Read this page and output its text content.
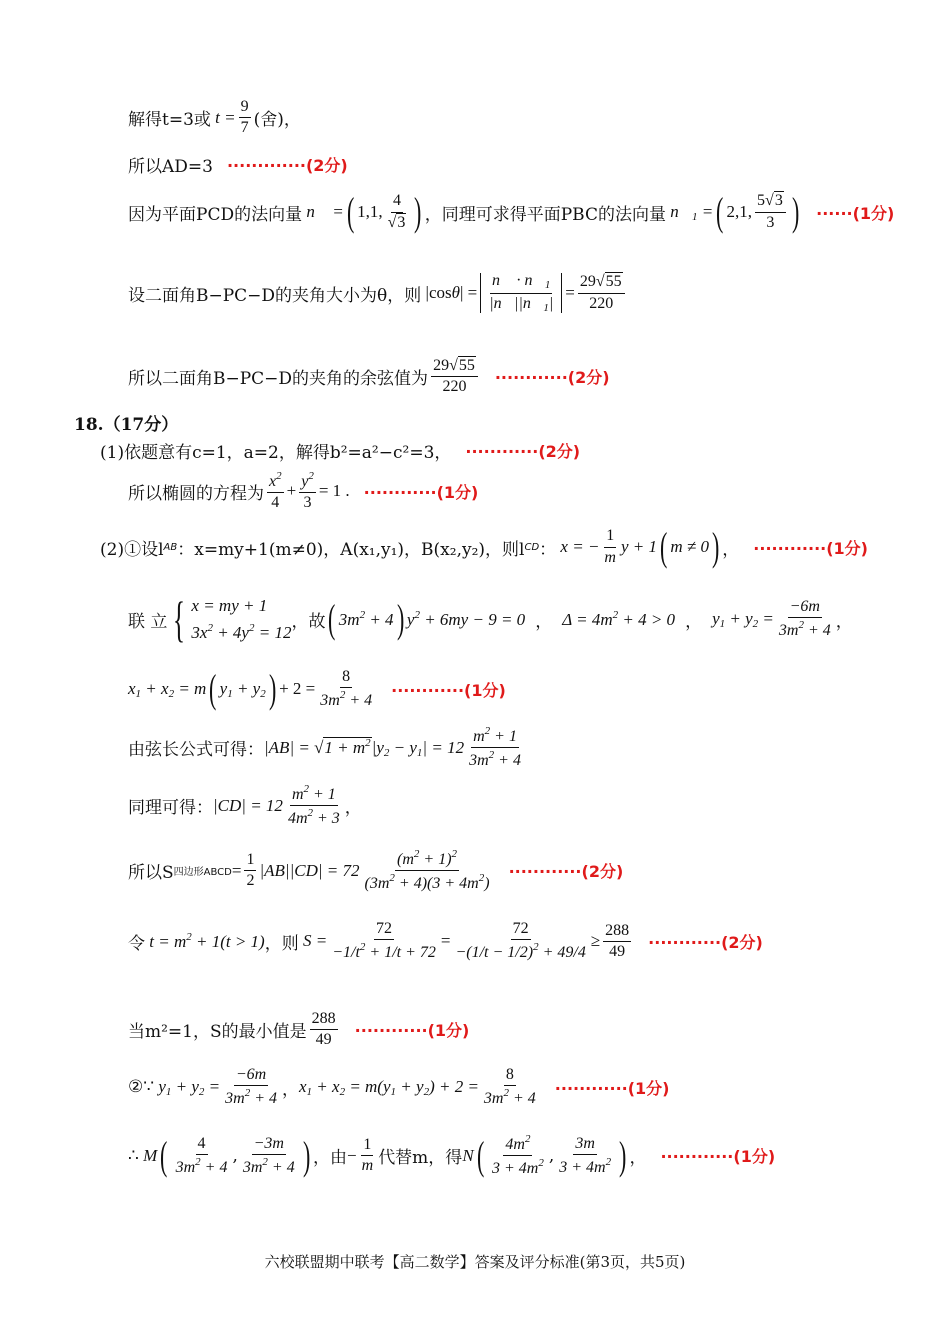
解得t=3或 $t = \frac{9}{7}$ (舍)，
所以AD=3 ·············(2分)
因为平面PCD的法向量 n⃗ = ( 1,1, $\frac{4}{√3}$ ) ，同理可求得平面PBC的法向量 $n⃗_1$ = ( 2,1, $\frac{5√3}{3}$ ) ······(1分)
设二面角B−PC−D的夹角大小为θ，则 $|\cos\theta| = \frac{n⃗ \cdot n⃗_1}{|n⃗||n⃗_1|} = \frac{29√55}{220}$
所以二面角B−PC−D的夹角的余弦值为 $\frac{29√55}{220} \cdot\cdot\cdot\cdot\cdot\cdot\cdot\cdot\cdot\cdot\cdot\cdot(2$分)
18.（17分）
(1)依题意有c=1，a=2，解得b²=a²−c²=3， ············(2分)
所以椭圆的方程为 $\frac{x^2}{4} + \frac{y^2}{3} = 1$ . ············(1分)
(2)①设l AB ：x=my+1(m≠0)，A(x₁,y₁)，B(x₂,y₂)，则l CD ： x = − $\frac{1}{m}$ y + 1 ( m ≠ 0 ) ， ············(1分)
联 立 { x = my + 1
$3x^2 + 4y^2 = 12$
，故 ( $3m^2 + 4$ ) $y^2 + 6my - 9 = 0$ ， $\Delta = 4m^2 + 4 > 0$ ， $y_1 + y_2 = \frac{-6m}{3m^2 + 4}$ ，
$x_1 + x_2 = m$ ( $y_1 + y_2$ ) + $2 = \frac{8}{3m^2 + 4} \cdot\cdot\cdot\cdot\cdot\cdot\cdot\cdot\cdot\cdot\cdot\cdot(1$分)
由弦长公式可得： $|AB| = √1 + m^2|y_2 - y_1| = 12 \frac{m^2 + 1}{3m^2 + 4}$
同理可得： $|CD| = 12 \frac{m^2 + 1}{4m^2 + 3}$ ，
所以S 四边形ABCD = $\frac{1}{2} |AB||CD| = 72 \frac{(m^2 + 1)^2}{(3m^2 + 4)(3 + 4m^2)} \cdot\cdot\cdot\cdot\cdot\cdot\cdot\cdot\cdot\cdot\cdot\cdot(2$分)
令 $t = m^2 + 1(t > 1)$ ，则 $S = \frac{72}{-1/t^2 + 1/t + 72} = \frac{72}{-(1/t - 1/2)^2 + 49/4} \ge \frac{288}{49} \cdot\cdot\cdot\cdot\cdot\cdot\cdot\cdot\cdot\cdot\cdot\cdot(2$分)
当m²=1，S的最小值是 $\frac{288}{49} \cdot\cdot\cdot\cdot\cdot\cdot\cdot\cdot\cdot\cdot\cdot\cdot(1$分)
②∵ $y_1 + y_2 = \frac{-6m}{3m^2 + 4}$ ， $x_1 + x_2 = m(y_1 + y_2) + 2 = \frac{8}{3m^2 + 4} \cdot\cdot\cdot\cdot\cdot\cdot\cdot\cdot\cdot\cdot\cdot\cdot(1$分)
∴ M ( $\frac{4}{3m^2 + 4}$ , $\frac{-3m}{3m^2 + 4}$ ) ，由 − $\frac{1}{m}$ 代替m，得 N ( $\frac{4m^2}{3 + 4m^2}$ , $\frac{3m}{3 + 4m^2}$ ) ， ············(1分)
六校联盟期中联考【高二数学】答案及评分标准(第3页，共5页)
